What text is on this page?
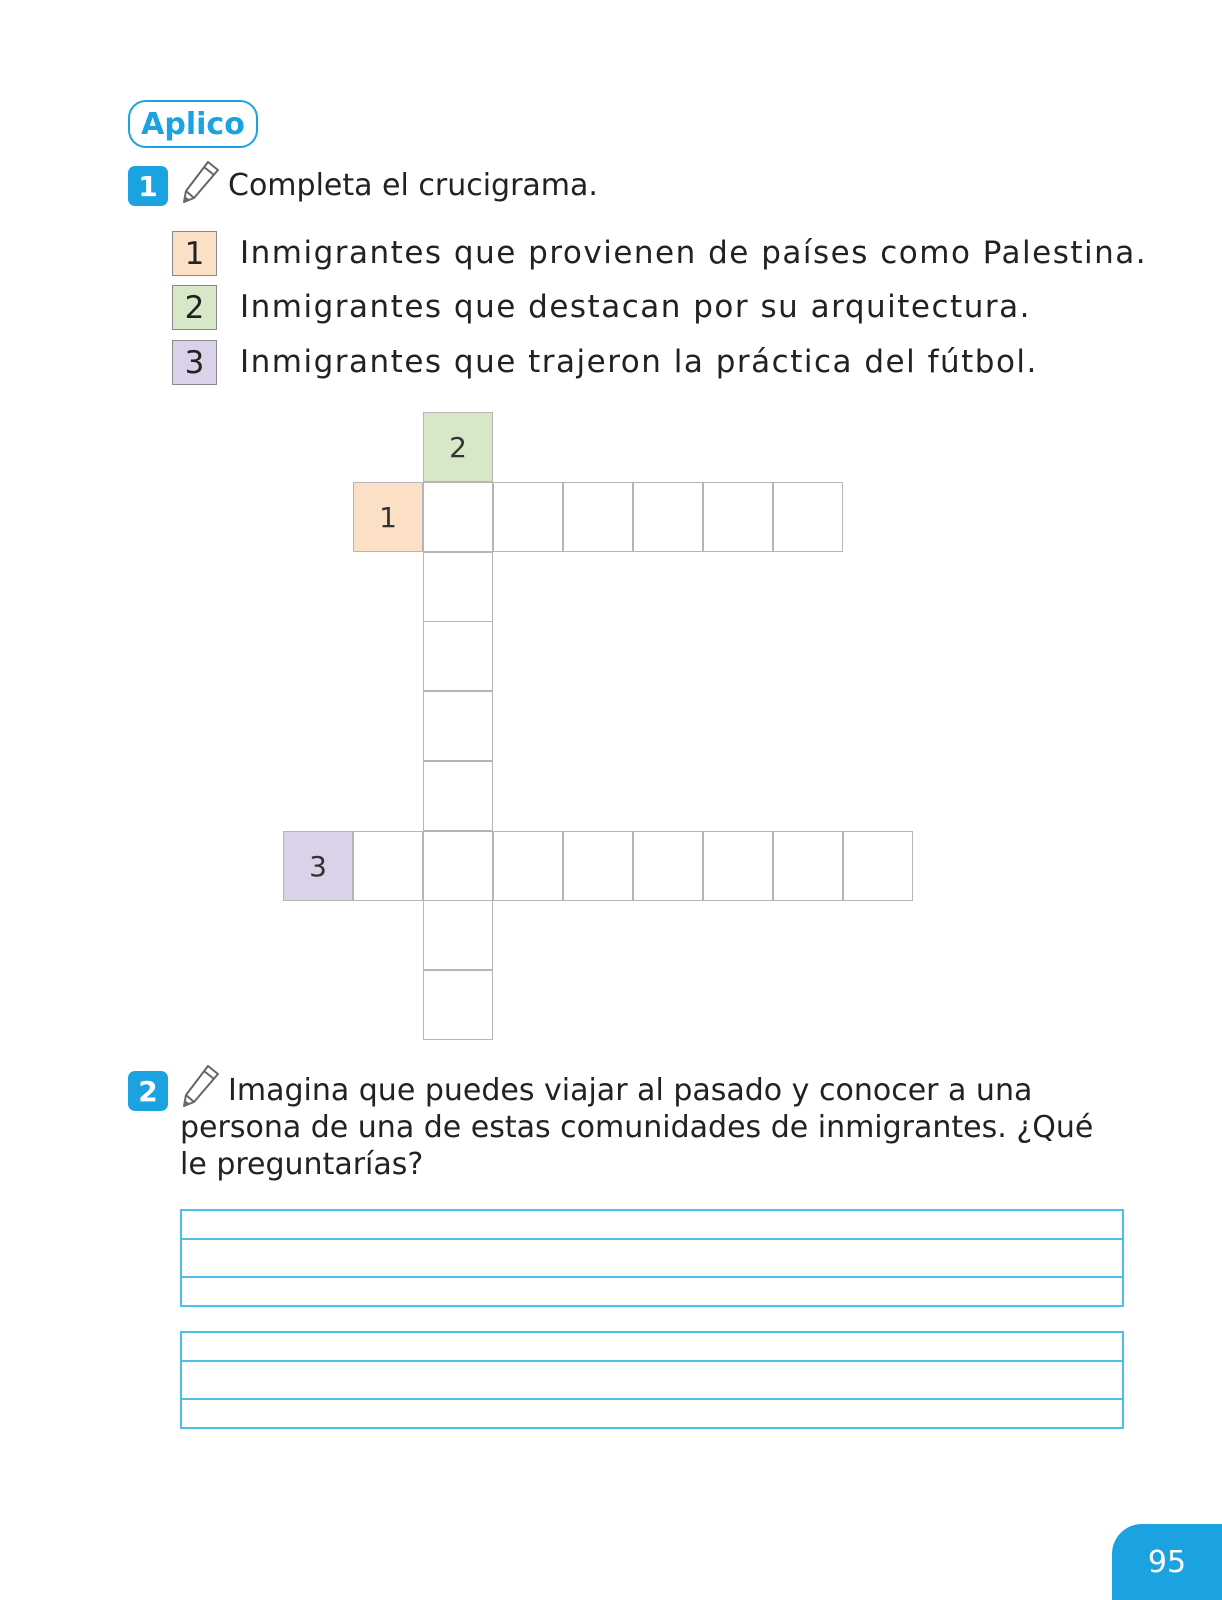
Aplico
1 Completa el crucigrama.
1	Inmigrantes que provienen de países como Palestina.
2	Inmigrantes que destacan por su arquitectura.
3	Inmigrantes que trajeron la práctica del fútbol.
2
1
3
2	Imagina que puedes viajar al pasado y conocer a una persona de una de estas comunidades de inmigrantes. ¿Qué le preguntarías?
95
